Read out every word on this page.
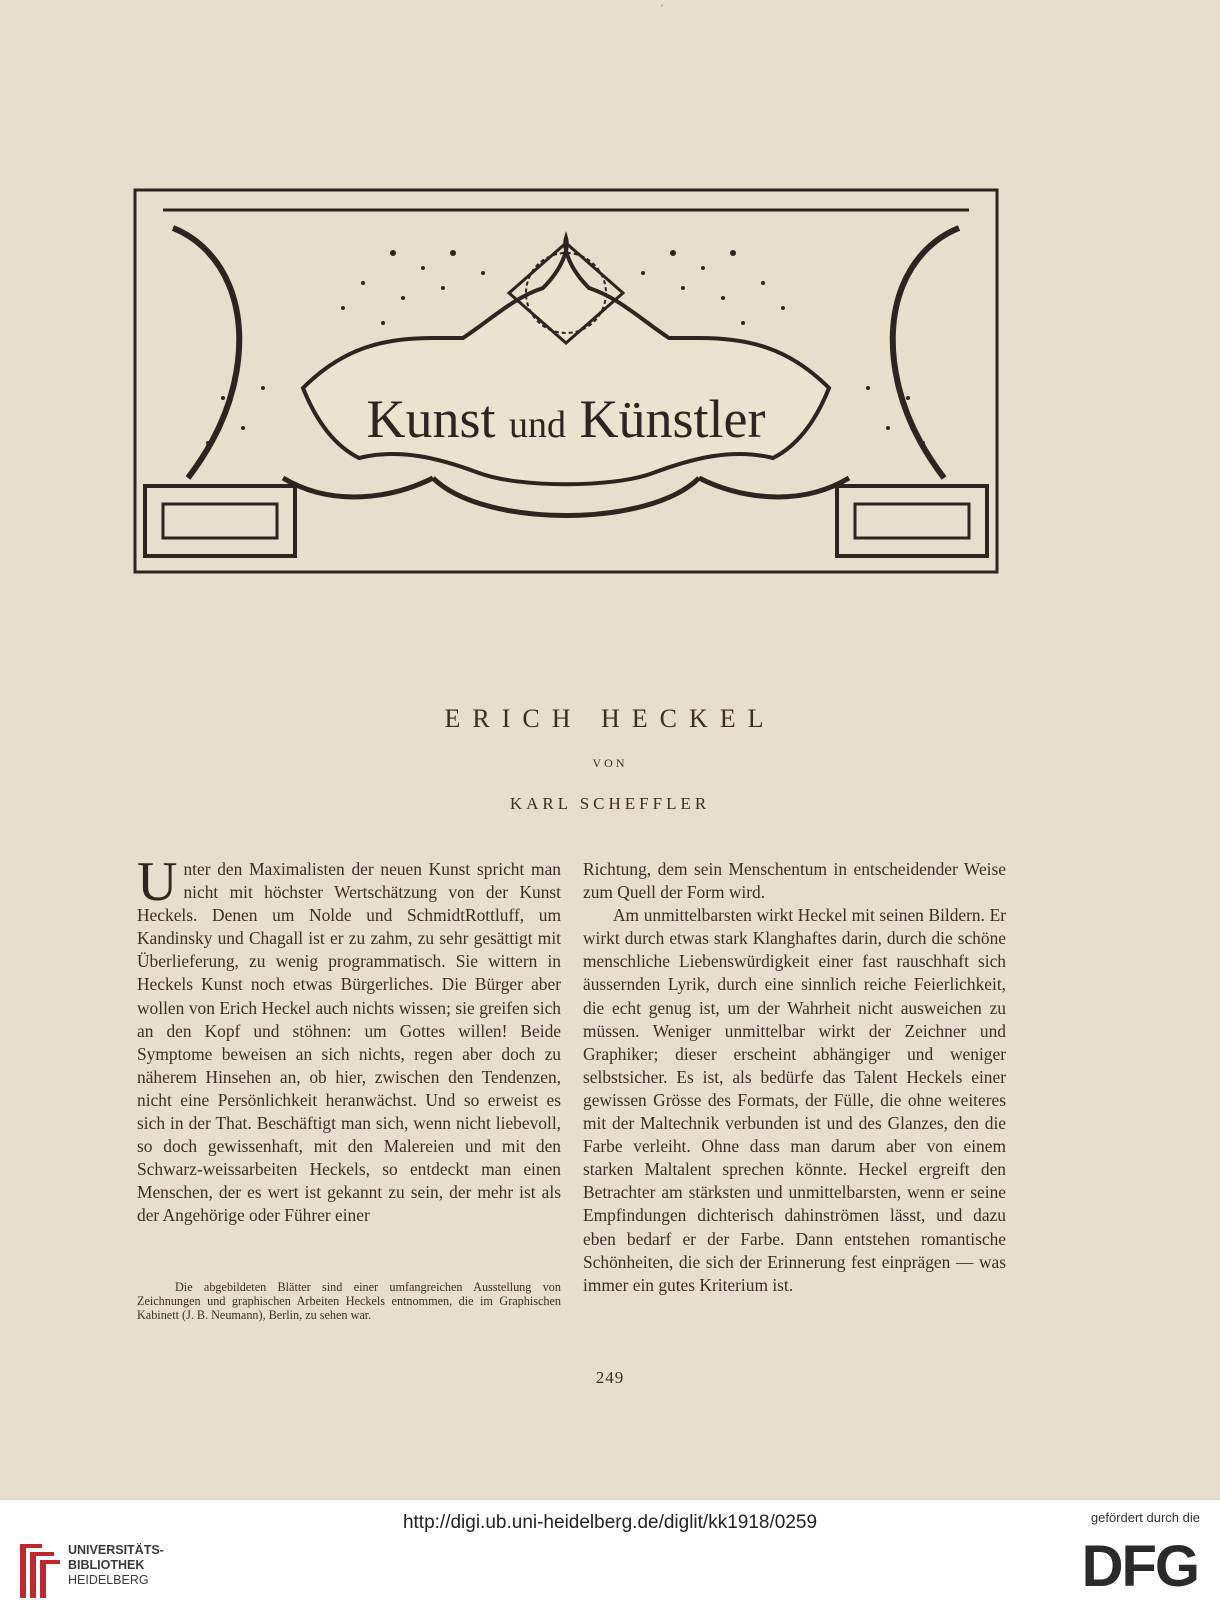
´
Kunst und Künstler
ERICH HECKEL
VON
KARL SCHEFFLER
U nter den Maximalisten der neuen Kunst spricht man nicht mit höchster Wertschätzung von der Kunst Heckels. Denen um Nolde und SchmidtRottluff, um Kandinsky und Chagall ist er zu zahm, zu sehr gesättigt mit Überlieferung, zu wenig programmatisch. Sie wittern in Heckels Kunst noch etwas Bürgerliches. Die Bürger aber wollen von Erich Heckel auch nichts wissen; sie greifen sich an den Kopf und stöhnen: um Gottes willen! Beide Symptome beweisen an sich nichts, regen aber doch zu näherem Hinsehen an, ob hier, zwischen den Tendenzen, nicht eine Persönlichkeit heranwächst. Und so erweist es sich in der That. Beschäftigt man sich, wenn nicht liebevoll, so doch gewissenhaft, mit den Malereien und mit den Schwarz-weissarbeiten Heckels, so entdeckt man einen Menschen, der es wert ist gekannt zu sein, der mehr ist als der Angehörige oder Führer einer

Richtung, dem sein Menschentum in entscheidender Weise zum Quell der Form wird.

Am unmittelbarsten wirkt Heckel mit seinen Bildern. Er wirkt durch etwas stark Klanghaftes darin, durch die schöne menschliche Liebenswürdigkeit einer fast rauschhaft sich äussernden Lyrik, durch eine sinnlich reiche Feierlichkeit, die echt genug ist, um der Wahrheit nicht ausweichen zu müssen. Weniger unmittelbar wirkt der Zeichner und Graphiker; dieser erscheint abhängiger und weniger selbstsicher. Es ist, als bedürfe das Talent Heckels einer gewissen Grösse des Formats, der Fülle, die ohne weiteres mit der Maltechnik verbunden ist und des Glanzes, den die Farbe verleiht. Ohne dass man darum aber von einem starken Maltalent sprechen könnte. Heckel ergreift den Betrachter am stärksten und unmittelbarsten, wenn er seine Empfindungen dichterisch dahinströmen lässt, und dazu eben bedarf er der Farbe. Dann entstehen romantische Schönheiten, die sich der Erinnerung fest einprägen — was immer ein gutes Kriterium ist.

Die abgebildeten Blätter sind einer umfangreichen Ausstellung von Zeichnungen und graphischen Arbeiten Heckels entnommen, die im Graphischen Kabinett (J. B. Neumann), Berlin, zu sehen war.

249
UNIVERSITÄTS-
BIBLIOTHEK
HEIDELBERG
gefördert durch die
DFG
http://digi.ub.uni-heidelberg.de/diglit/kk1918/0259
